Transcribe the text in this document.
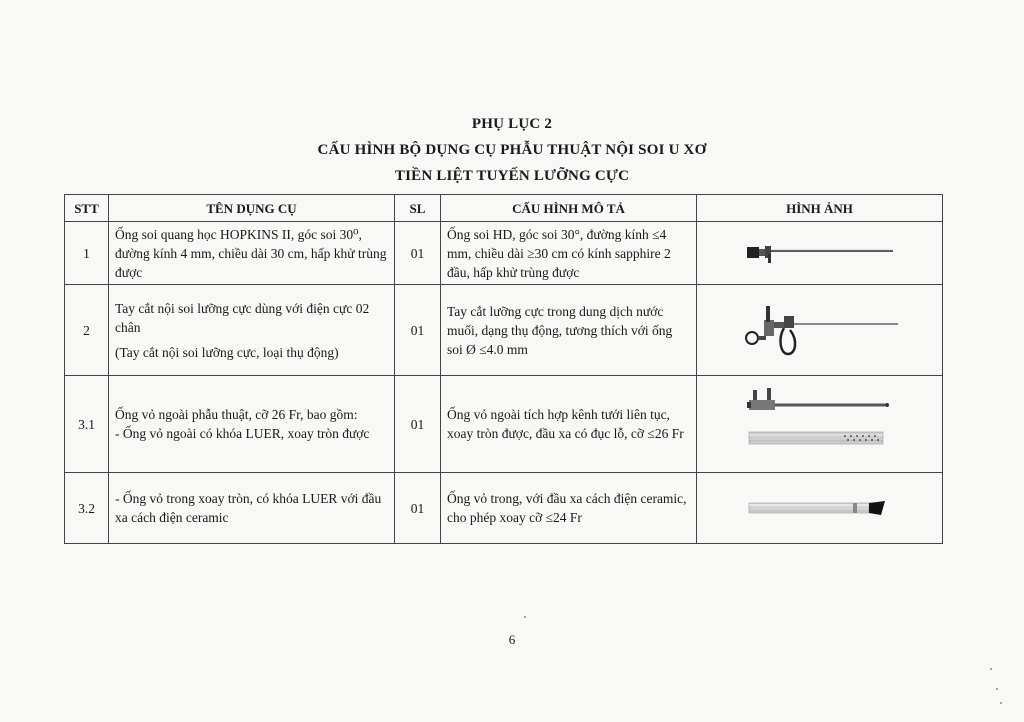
PHỤ LỤC 2
CẤU HÌNH BỘ DỤNG CỤ PHẪU THUẬT NỘI SOI U XƠ
TIỀN LIỆT TUYẾN LƯỠNG CỰC
STT	TÊN DỤNG CỤ	SL	CẤU HÌNH MÔ TẢ	HÌNH ẢNH
1	Ống soi quang học HOPKINS II, góc soi 30⁰, đường kính 4 mm, chiều dài 30 cm, hấp khử trùng được	01	Ống soi HD, góc soi 30°, đường kính ≤4 mm, chiều dài ≥30 cm có kính sapphire 2 đầu, hấp khử trùng được	

2	Tay cắt nội soi lưỡng cực dùng với điện cực 02 chân
(Tay cắt nội soi lưỡng cực, loại thụ động)	01	Tay cắt lưỡng cực trong dung dịch nước muối, dạng thụ động, tương thích với ống soi Ø ≤4.0 mm	

3.1	Ống vỏ ngoài phẫu thuật, cỡ 26 Fr, bao gồm:
- Ống vỏ ngoài có khóa LUER, xoay tròn được	01	Ống vỏ ngoài tích hợp kênh tưới liên tục, xoay tròn được, đầu xa có đục lỗ, cỡ ≤26 Fr	

3.2	- Ống vỏ trong xoay tròn, có khóa LUER với đầu xa cách điện ceramic	01	Ống vỏ trong, với đầu xa cách điện ceramic, cho phép xoay cỡ ≤24 Fr	
6
